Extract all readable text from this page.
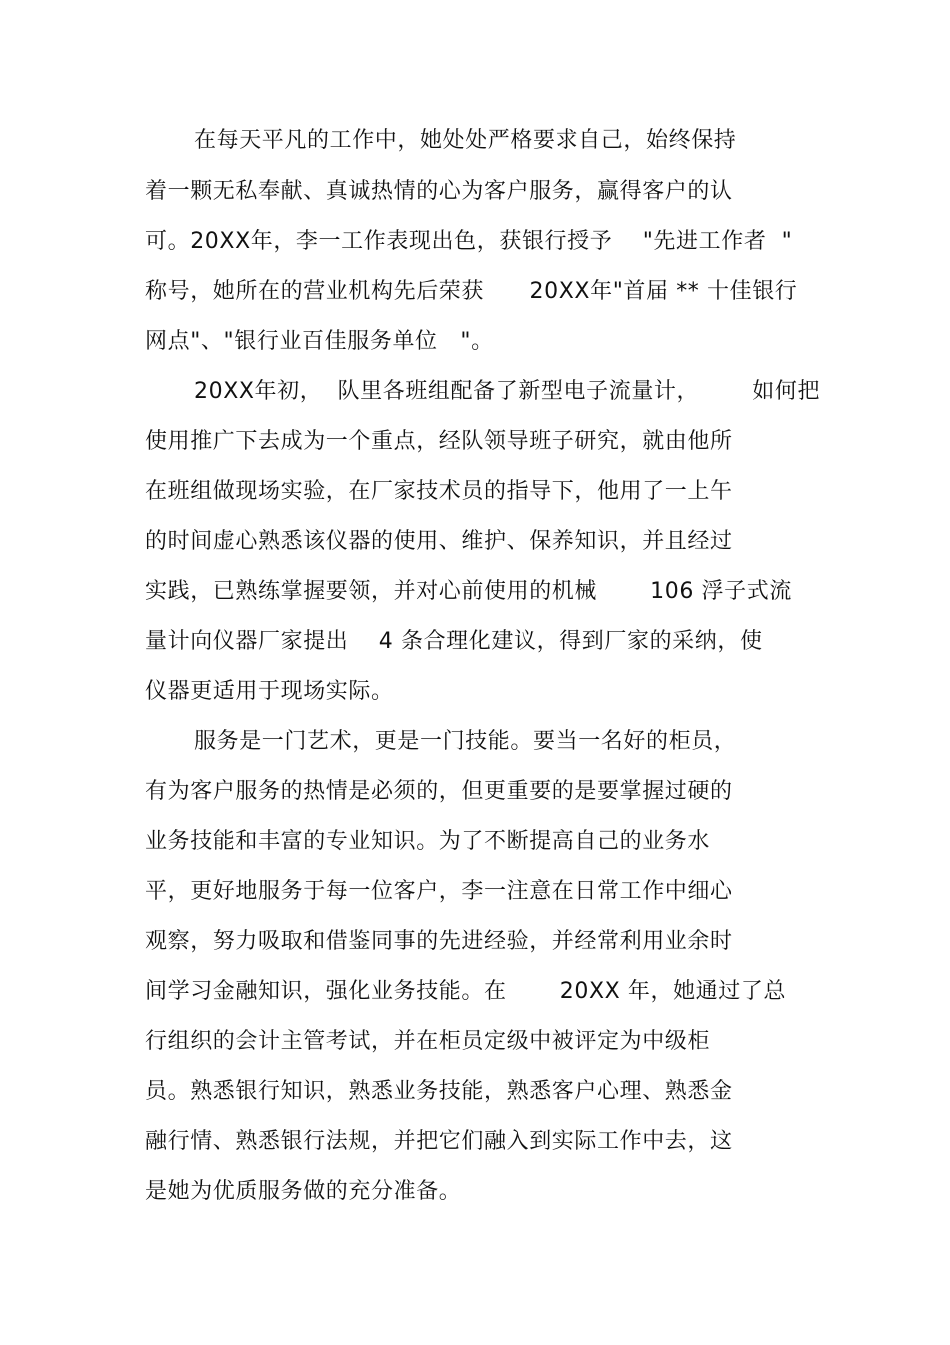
在每天平凡的工作中，她处处严格要求自己，始终保持
着一颗无私奉献、真诚热情的心为客户服务，赢得客户的认
可。20XX年，李一工作表现出色，获银行授予    "先进工作者  "
称号，她所在的营业机构先后荣获      20XX年"首届 ** 十佳银行
网点"、"银行业百佳服务单位   "。
20XX年初，  队里各班组配备了新型电子流量计，       如何把
使用推广下去成为一个重点，经队领导班子研究，就由他所
在班组做现场实验，在厂家技术员的指导下，他用了一上午
的时间虚心熟悉该仪器的使用、维护、保养知识，并且经过
实践，已熟练掌握要领，并对心前使用的机械       106 浮子式流
量计向仪器厂家提出    4 条合理化建议，得到厂家的采纳，使
仪器更适用于现场实际。
服务是一门艺术，更是一门技能。要当一名好的柜员，
有为客户服务的热情是必须的，但更重要的是要掌握过硬的
业务技能和丰富的专业知识。为了不断提高自己的业务水
平，更好地服务于每一位客户，李一注意在日常工作中细心
观察，努力吸取和借鉴同事的先进经验，并经常利用业余时
间学习金融知识，强化业务技能。在       20XX 年，她通过了总
行组织的会计主管考试，并在柜员定级中被评定为中级柜
员。熟悉银行知识，熟悉业务技能，熟悉客户心理、熟悉金
融行情、熟悉银行法规，并把它们融入到实际工作中去，这
是她为优质服务做的充分准备。
